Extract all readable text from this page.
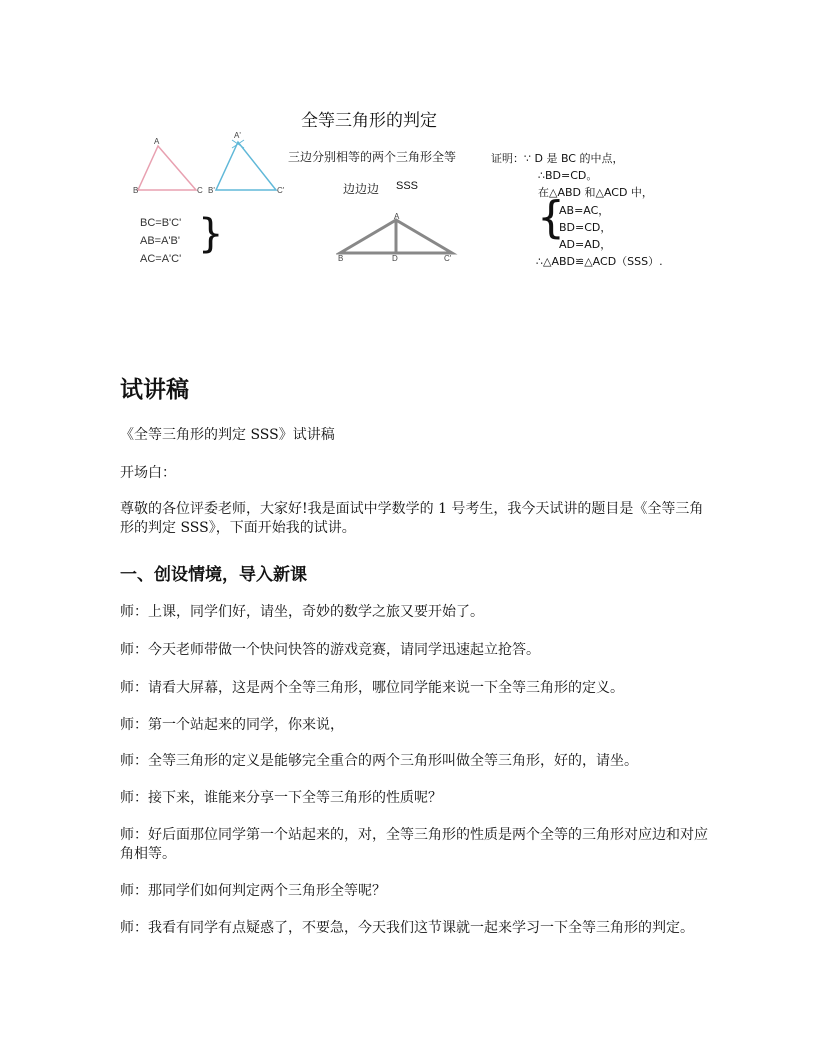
全等三角形的判定
A
B	C
A'
B'	C'
BC=B'C'
AB=A'B'
AC=A'C'
}
三边分别相等的两个三角形全等
边边边 SSS
A
B	D	C'
证明：∵ D 是 BC 的中点，
∴BD=CD。
在△ABD 和△ACD 中，
{
AB=AC，
BD=CD，
AD=AD，
∴△ABD≌△ACD（SSS）.
试讲稿
《全等三角形的判定 SSS》试讲稿
开场白：
尊敬的各位评委老师，大家好!我是面试中学数学的 1 号考生，我今天试讲的题目是《全等三角形的判定 SSS》，下面开始我的试讲。
一、创设情境，导入新课
师：上课，同学们好，请坐，奇妙的数学之旅又要开始了。
师：今天老师带做一个快问快答的游戏竞赛，请同学迅速起立抢答。
师：请看大屏幕，这是两个全等三角形，哪位同学能来说一下全等三角形的定义。
师：第一个站起来的同学，你来说，
师：全等三角形的定义是能够完全重合的两个三角形叫做全等三角形，好的，请坐。
师：接下来，谁能来分享一下全等三角形的性质呢？
师：好后面那位同学第一个站起来的，对，全等三角形的性质是两个全等的三角形对应边和对应角相等。
师：那同学们如何判定两个三角形全等呢？
师：我看有同学有点疑惑了，不要急，今天我们这节课就一起来学习一下全等三角形的判定。
